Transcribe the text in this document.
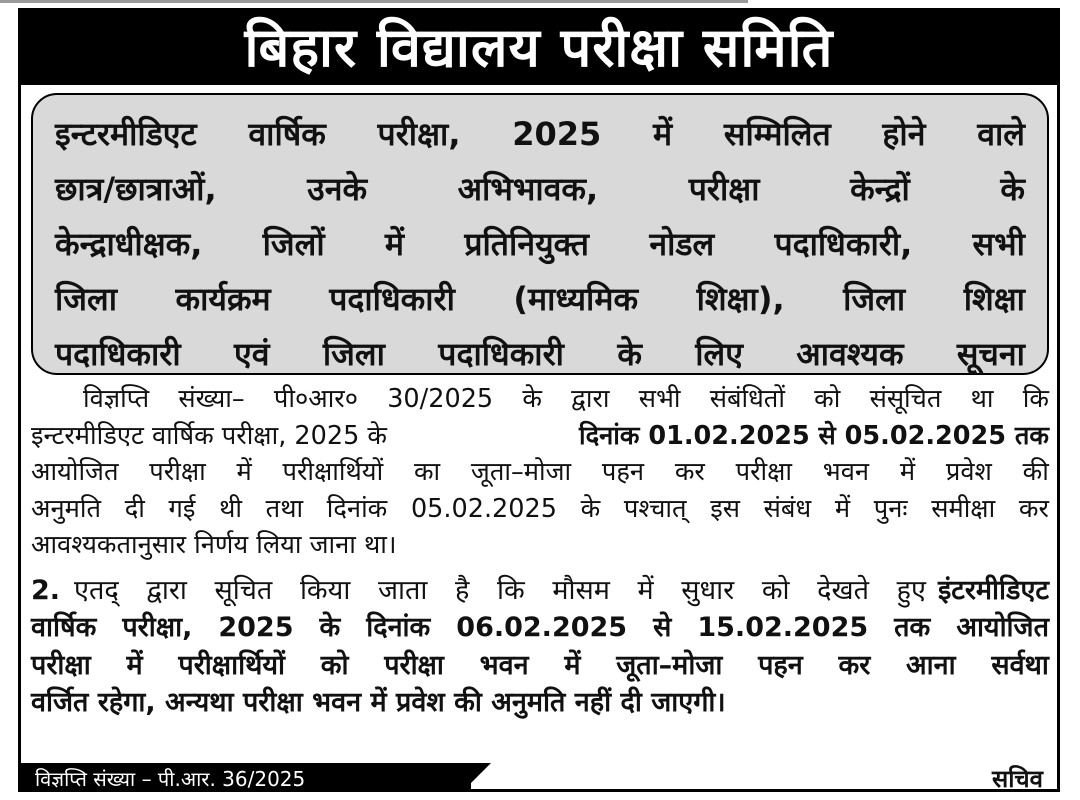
बिहार विद्यालय परीक्षा समिति
इन्टरमीडिएट वार्षिक परीक्षा, 2025 में सम्मिलित होने वाले
छात्र/छात्राओं,	उनके	अभिभावक,	परीक्षा	केन्द्रों	के
केन्द्राधीक्षक, जिलों में प्रतिनियुक्त नोडल पदाधिकारी, सभी
जिला कार्यक्रम पदाधिकारी (माध्यमिक शिक्षा), जिला शिक्षा
पदाधिकारी एवं जिला पदाधिकारी के लिए आवश्यक सूचना
विज्ञप्ति संख्या– पी०आर० 30/2025 के द्वारा सभी संबंधितों को संसूचित था कि
इन्टरमीडिएट वार्षिक परीक्षा, 2025 के	दिनांक 01.02.2025 से 05.02.2025 तक
आयोजित परीक्षा में परीक्षार्थियों का जूता–मोजा पहन कर परीक्षा भवन में प्रवेश की
अनुमति दी गई थी तथा दिनांक 05.02.2025 के पश्चात् इस संबंध में पुनः समीक्षा कर
आवश्यकतानुसार निर्णय लिया जाना था।
2. एतद् द्वारा सूचित किया जाता है कि मौसम में सुधार को देखते हुए इंटरमीडिएट
वार्षिक परीक्षा, 2025 के दिनांक 06.02.2025 से 15.02.2025 तक आयोजित
परीक्षा में परीक्षार्थियों को परीक्षा भवन में जूता–मोजा पहन कर आना सर्वथा
वर्जित रहेगा, अन्यथा परीक्षा भवन में प्रवेश की अनुमति नहीं दी जाएगी।
विज्ञप्ति संख्या – पी.आर. 36/2025	सचिव
